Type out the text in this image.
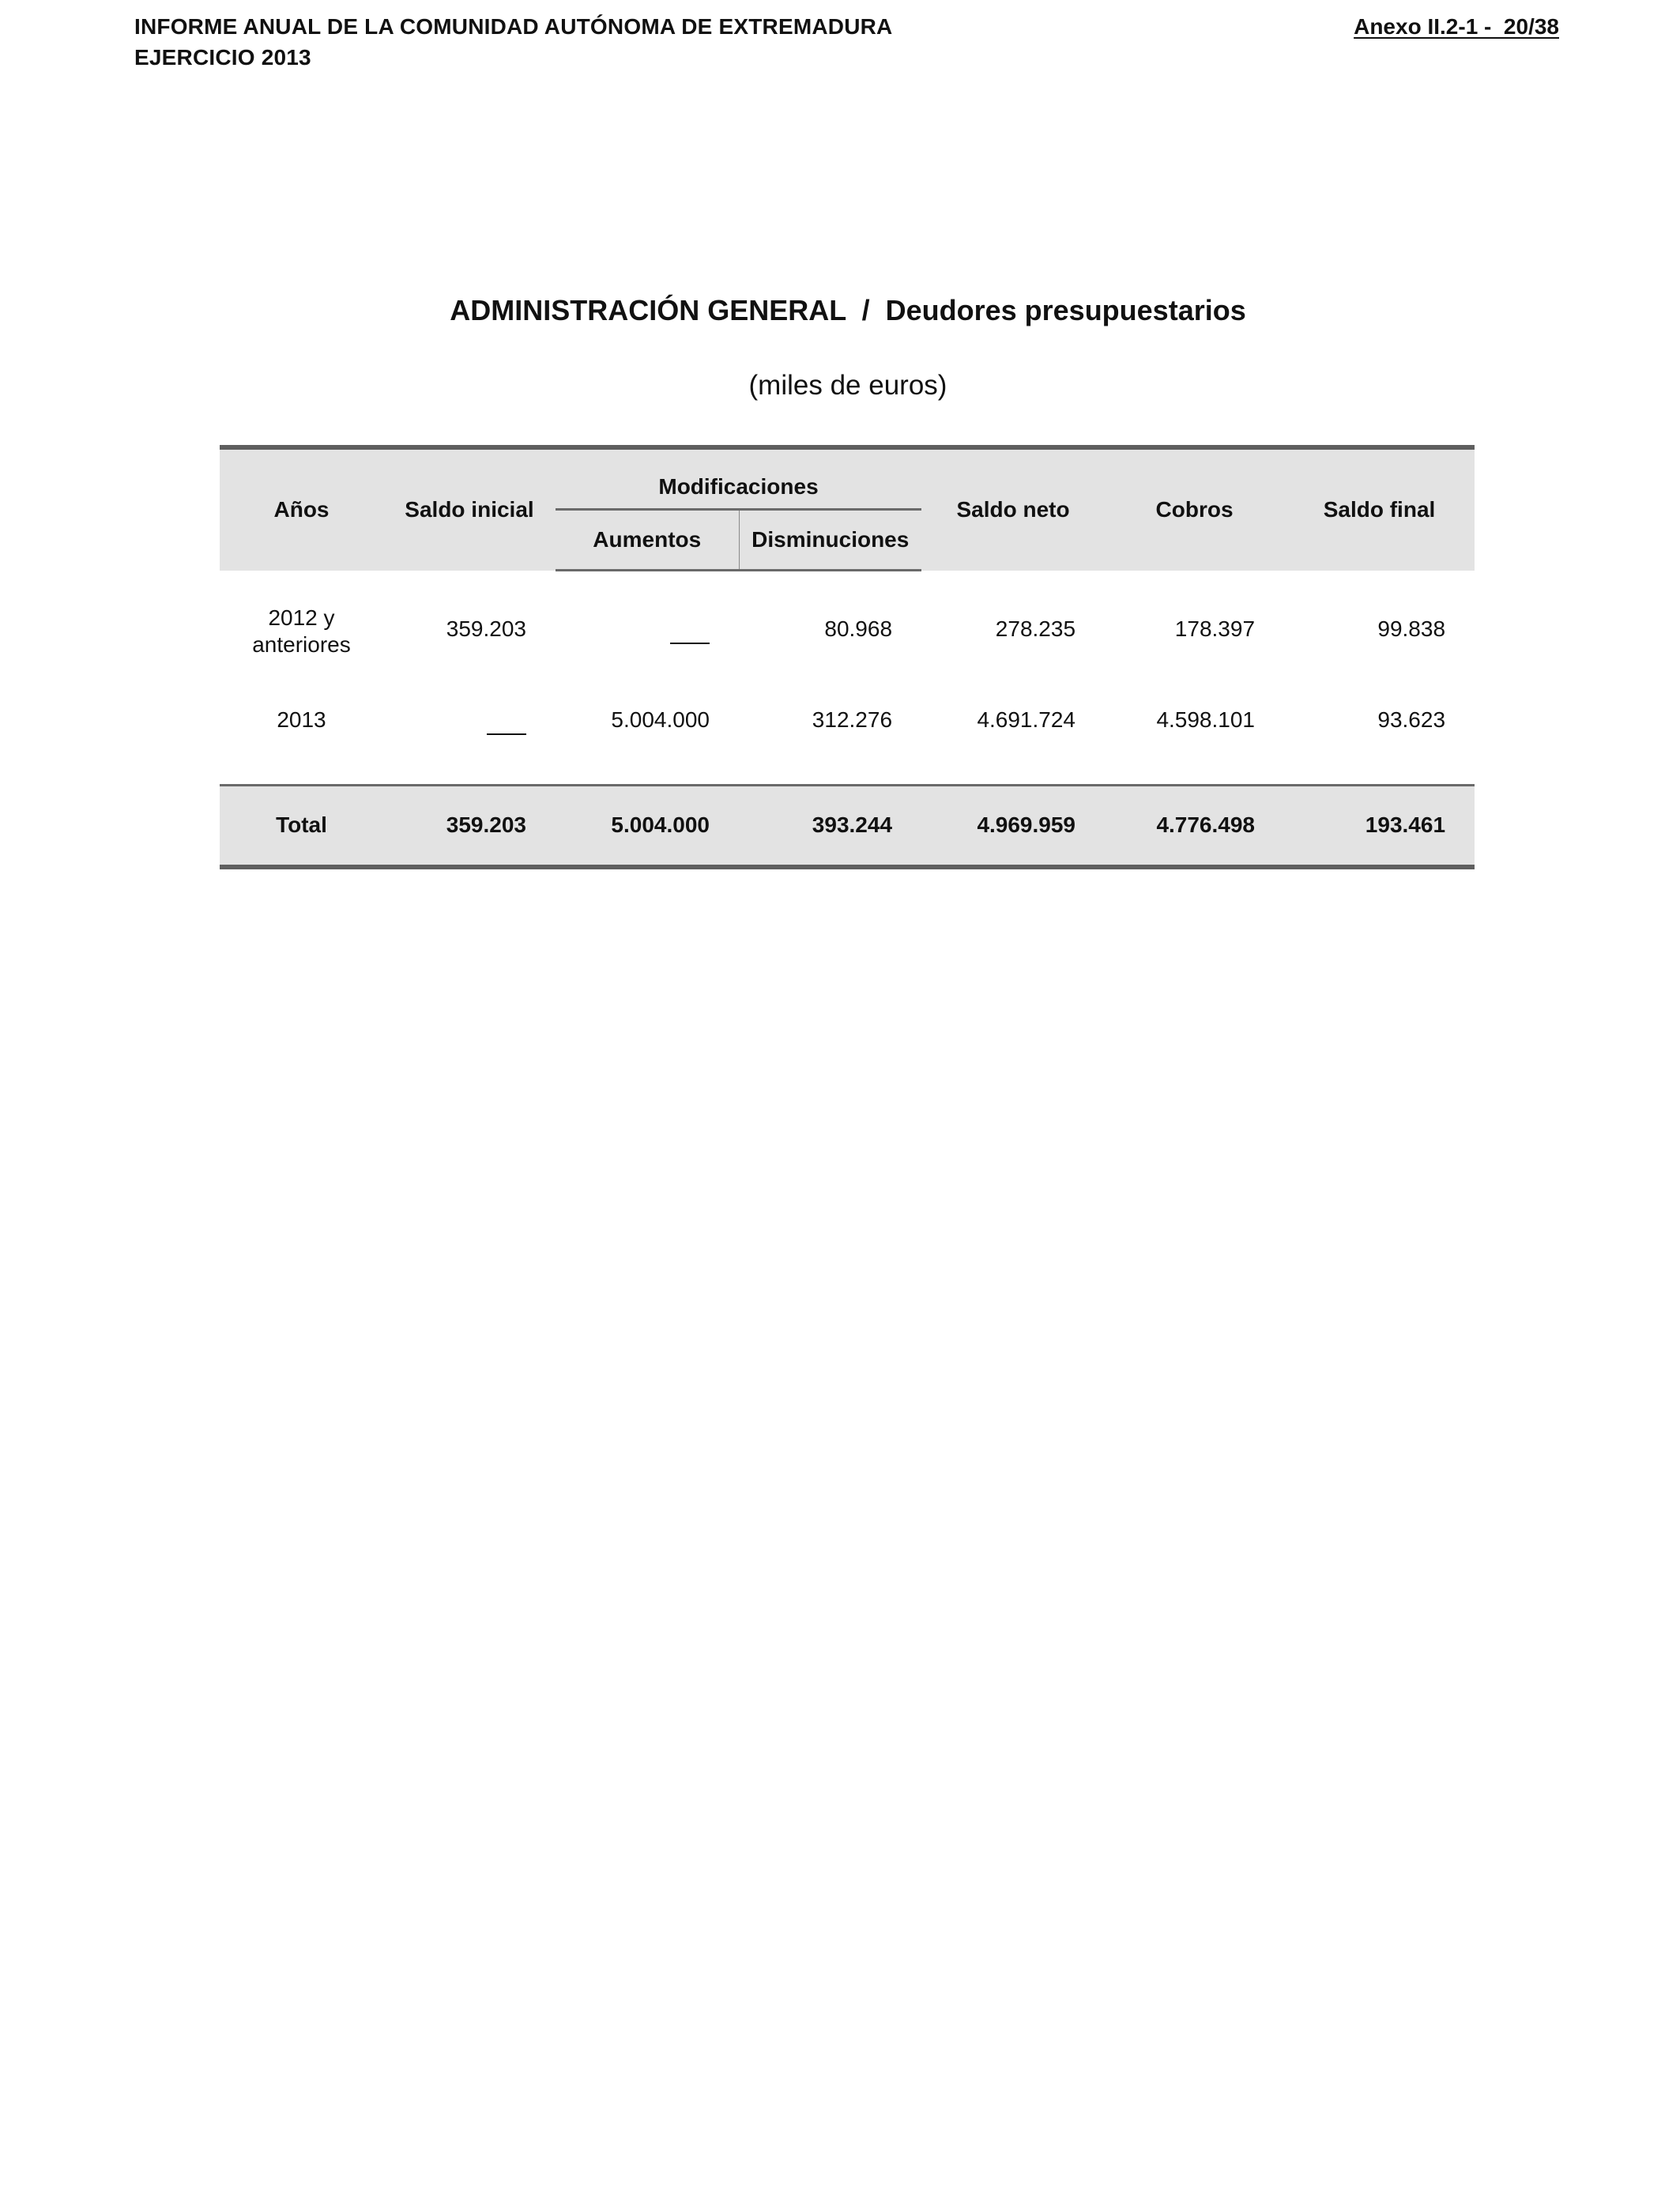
INFORME ANUAL DE LA COMUNIDAD AUTÓNOMA DE EXTREMADURA
EJERCICIO 2013
Anexo II.2-1 -  20/38
ADMINISTRACIÓN GENERAL  /  Deudores presupuestarios
(miles de euros)
Años	Saldo inicial	Modificaciones		Saldo neto	Cobros	Saldo final
		Aumentos	Disminuciones			

2012 y
anteriores	359.203		80.968	278.235	178.397	99.838
2013		5.004.000	312.276	4.691.724	4.598.101	93.623

Total	359.203	5.004.000	393.244	4.969.959	4.776.498	193.461
